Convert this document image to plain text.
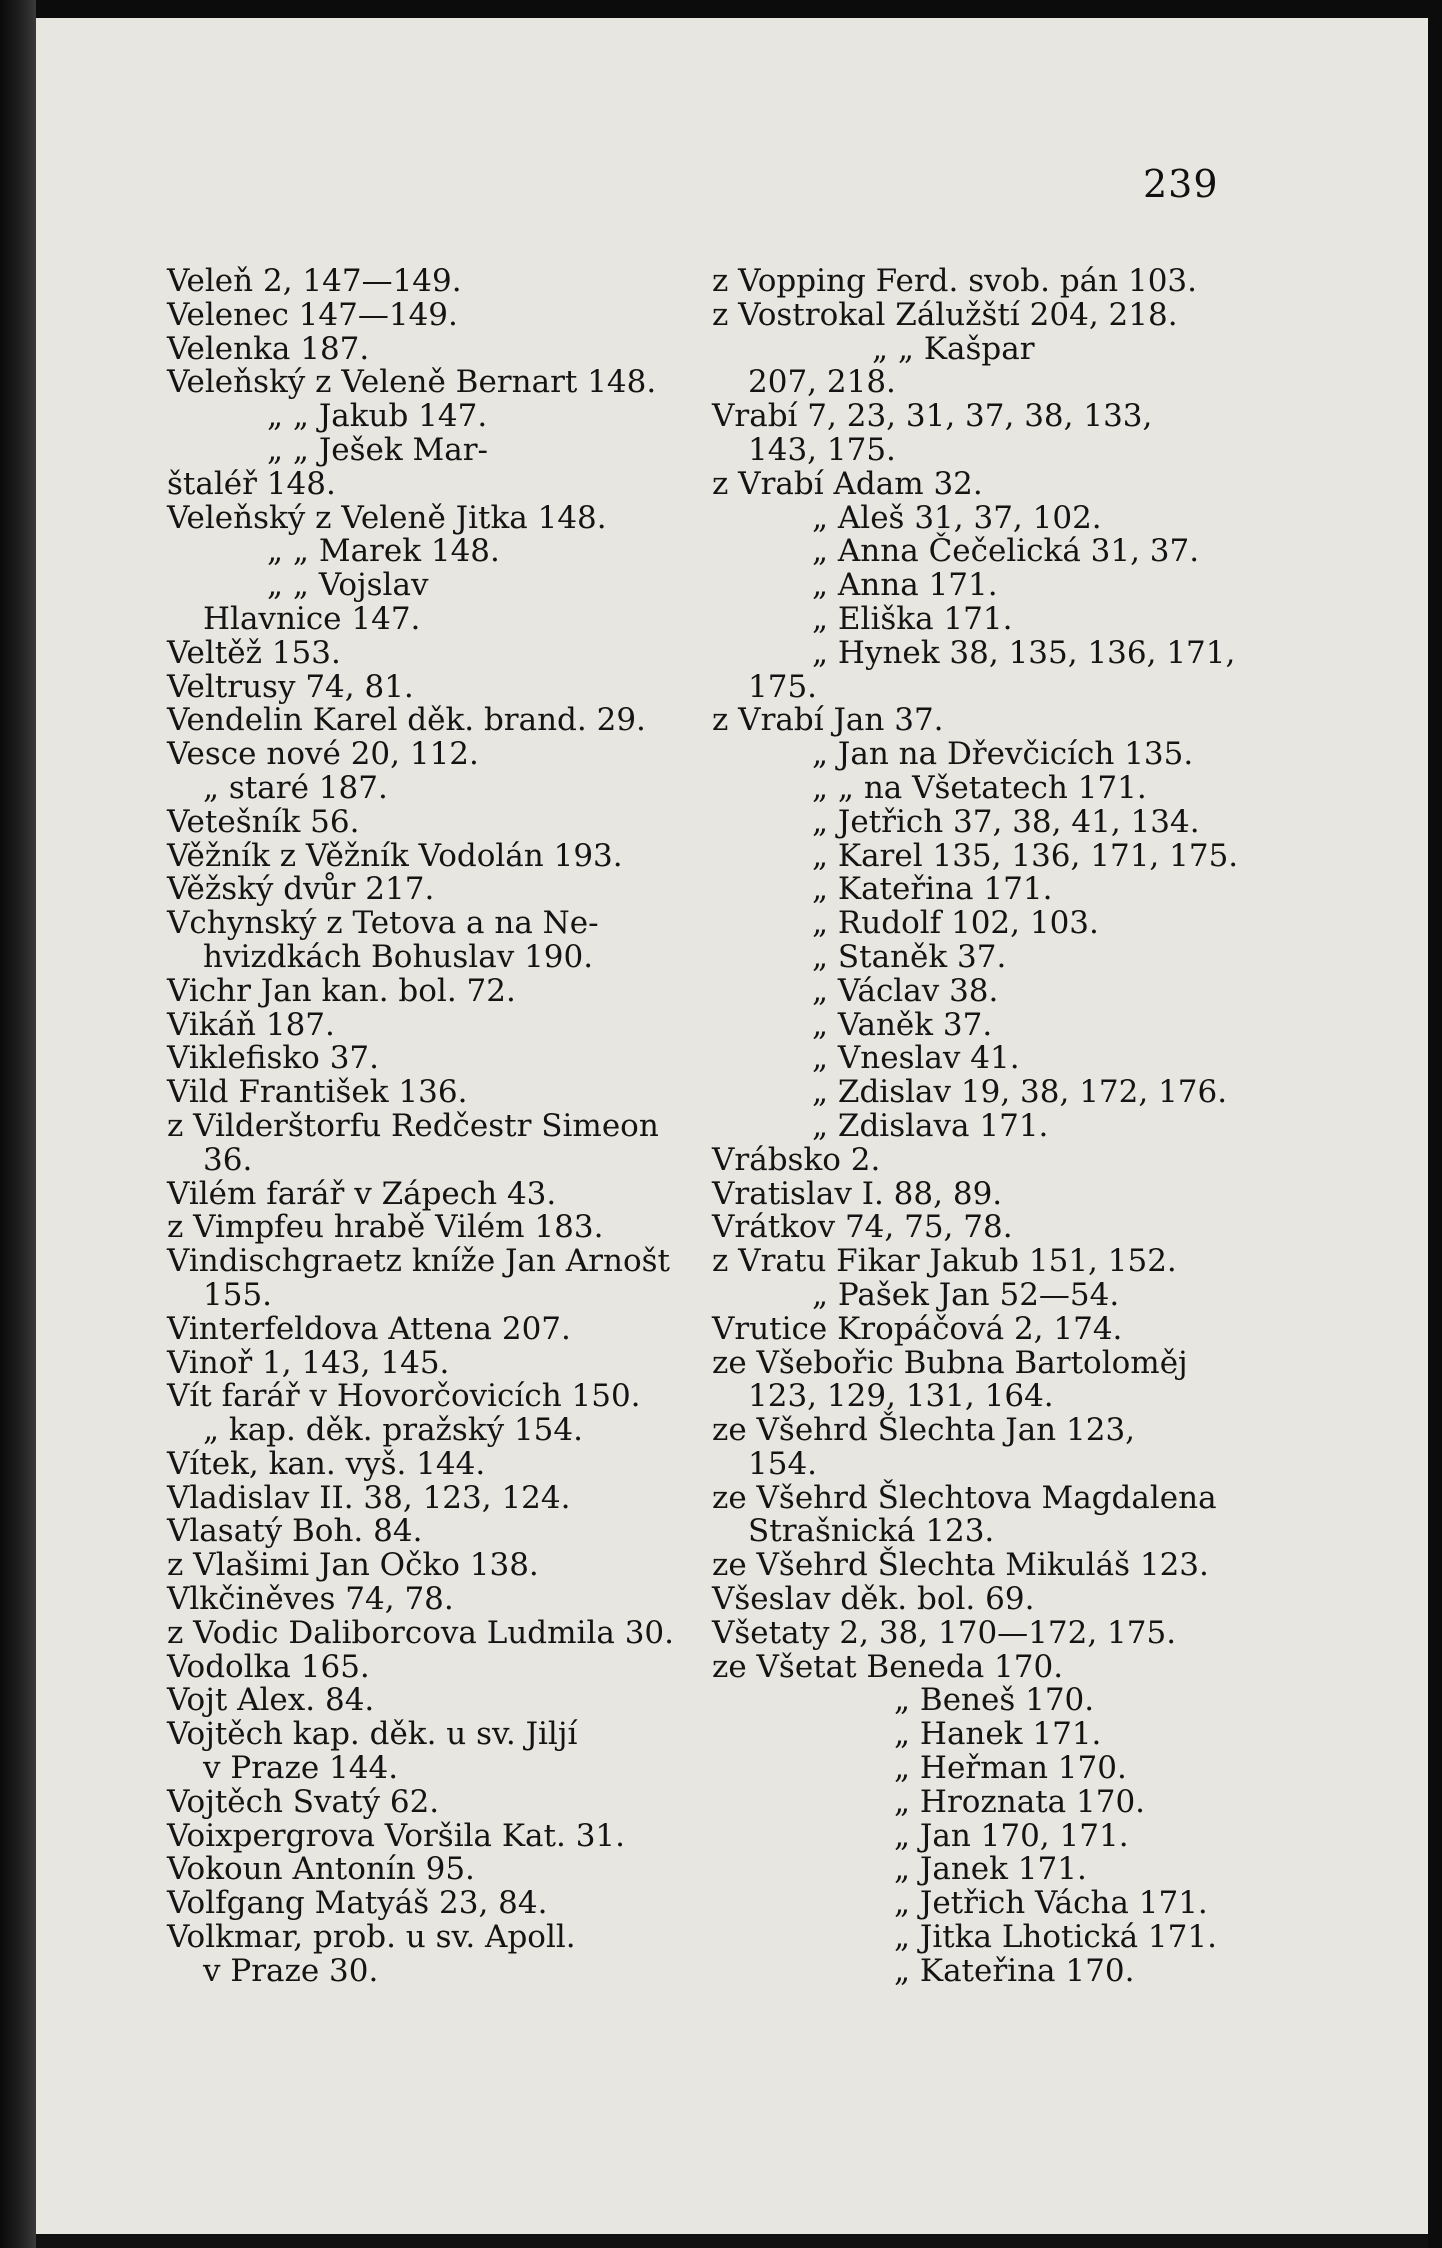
239
Veleň 2, 147—149.
Velenec 147—149.
Velenka 187.
Veleňský z Veleně Bernart 148.
„ „ Jakub 147.
„ „ Ješek Mar-
štaléř 148.
Veleňský z Veleně Jitka 148.
„ „ Marek 148.
„ „ Vojslav
Hlavnice 147.
Veltěž 153.
Veltrusy 74, 81.
Vendelin Karel děk. brand. 29.
Vesce nové 20, 112.
„ staré 187.
Vetešník 56.
Věžník z Věžník Vodolán 193.
Věžský dvůr 217.
Vchynský z Tetova a na Ne-
hvizdkách Bohuslav 190.
Vichr Jan kan. bol. 72.
Vikáň 187.
Viklefisko 37.
Vild František 136.
z Vilderštorfu Redčestr Simeon
36.
Vilém farář v Zápech 43.
z Vimpfeu hrabě Vilém 183.
Vindischgraetz kníže Jan Arnošt
155.
Vinterfeldova Attena 207.
Vinoř 1, 143, 145.
Vít farář v Hovorčovicích 150.
„ kap. děk. pražský 154.
Vítek, kan. vyš. 144.
Vladislav II. 38, 123, 124.
Vlasatý Boh. 84.
z Vlašimi Jan Očko 138.
Vlkčiněves 74, 78.
z Vodic Daliborcova Ludmila 30.
Vodolka 165.
Vojt Alex. 84.
Vojtěch kap. děk. u sv. Jiljí
v Praze 144.
Vojtěch Svatý 62.
Voixpergrova Voršila Kat. 31.
Vokoun Antonín 95.
Volfgang Matyáš 23, 84.
Volkmar, prob. u sv. Apoll.
v Praze 30.
z Vopping Ferd. svob. pán 103.
z Vostrokal Zálužští 204, 218.
„ „ Kašpar
207, 218.
Vrabí 7, 23, 31, 37, 38, 133,
143, 175.
z Vrabí Adam 32.
„ Aleš 31, 37, 102.
„ Anna Čečelická 31, 37.
„ Anna 171.
„ Eliška 171.
„ Hynek 38, 135, 136, 171,
175.
z Vrabí Jan 37.
„ Jan na Dřevčicích 135.
„ „ na Všetatech 171.
„ Jetřich 37, 38, 41, 134.
„ Karel 135, 136, 171, 175.
„ Kateřina 171.
„ Rudolf 102, 103.
„ Staněk 37.
„ Václav 38.
„ Vaněk 37.
„ Vneslav 41.
„ Zdislav 19, 38, 172, 176.
„ Zdislava 171.
Vrábsko 2.
Vratislav I. 88, 89.
Vrátkov 74, 75, 78.
z Vratu Fikar Jakub 151, 152.
„ Pašek Jan 52—54.
Vrutice Kropáčová 2, 174.
ze Všebořic Bubna Bartoloměj
123, 129, 131, 164.
ze Všehrd Šlechta Jan 123,
154.
ze Všehrd Šlechtova Magdalena
Strašnická 123.
ze Všehrd Šlechta Mikuláš 123.
Všeslav děk. bol. 69.
Všetaty 2, 38, 170—172, 175.
ze Všetat Beneda 170.
„ Beneš 170.
„ Hanek 171.
„ Heřman 170.
„ Hroznata 170.
„ Jan 170, 171.
„ Janek 171.
„ Jetřich Vácha 171.
„ Jitka Lhotická 171.
„ Kateřina 170.
